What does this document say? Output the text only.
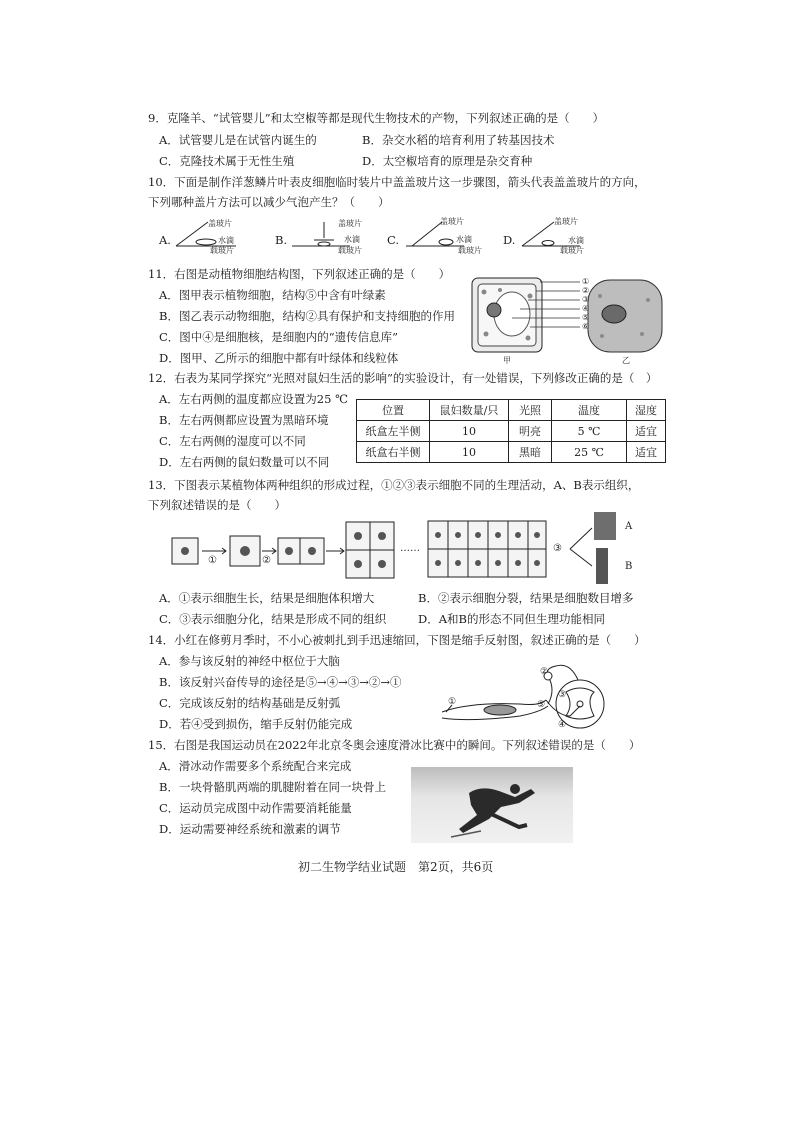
9．克隆羊、“试管婴儿”和太空椒等都是现代生物技术的产物，下列叙述正确的是（　　）
A．试管婴儿是在试管内诞生的	B．杂交水稻的培育利用了转基因技术
C．克隆技术属于无性生殖	D．太空椒培育的原理是杂交育种
10．下面是制作洋葱鳞片叶表皮细胞临时装片中盖盖玻片这一步骤图，箭头代表盖盖玻片的方向，
下列哪种盖片方法可以减少气泡产生？（　　）
A.	B.	C.	D.
盖玻片
水滴
载玻片
盖玻片
水滴
载玻片
盖玻片
水滴
载玻片
盖玻片
水滴
载玻片
11．右图是动植物细胞结构图，下列叙述正确的是（　　）
A．图甲表示植物细胞，结构⑤中含有叶绿素
B．图乙表示动物细胞，结构②具有保护和支持细胞的作用
C．图中④是细胞核，是细胞内的“遗传信息库”
D．图甲、乙所示的细胞中都有叶绿体和线粒体
①
②
③
④
⑤
⑥
甲	乙
12．右表为某同学探究“光照对鼠妇生活的影响”的实验设计，有一处错误，下列修改正确的是（　）
A．左右两侧的温度都应设置为25 ℃
B．左右两侧都应设置为黑暗环境
C．左右两侧的湿度可以不同
D．左右两侧的鼠妇数量可以不同
位置	鼠妇数量/只	光照	温度	湿度
纸盒左半侧	10	明亮	5 ℃	适宜
纸盒右半侧	10	黑暗	25 ℃	适宜
13．下图表示某植物体两种组织的形成过程，①②③表示细胞不同的生理活动，A、B表示组织，
下列叙述错误的是（　　）
①	②
③
A
B
……
A．①表示细胞生长，结果是细胞体积增大	B．②表示细胞分裂，结果是细胞数目增多
C．③表示细胞分化，结果是形成不同的组织	D．A和B的形态不同但生理功能相同
14．小红在修剪月季时，不小心被刺扎到手迅速缩回，下图是缩手反射图，叙述正确的是（　　）
A．参与该反射的神经中枢位于大脑
B．该反射兴奋传导的途径是⑤→④→③→②→①
C．完成该反射的结构基础是反射弧
D．若④受到损伤，缩手反射仍能完成
①
②
③
④
⑤
15．右图是我国运动员在2022年北京冬奥会速度滑冰比赛中的瞬间。下列叙述错误的是（　　）
A．滑冰动作需要多个系统配合来完成
B．一块骨骼肌两端的肌腱附着在同一块骨上
C．运动员完成图中动作需要消耗能量
D．运动需要神经系统和激素的调节
初二生物学结业试题　第2页，共6页
